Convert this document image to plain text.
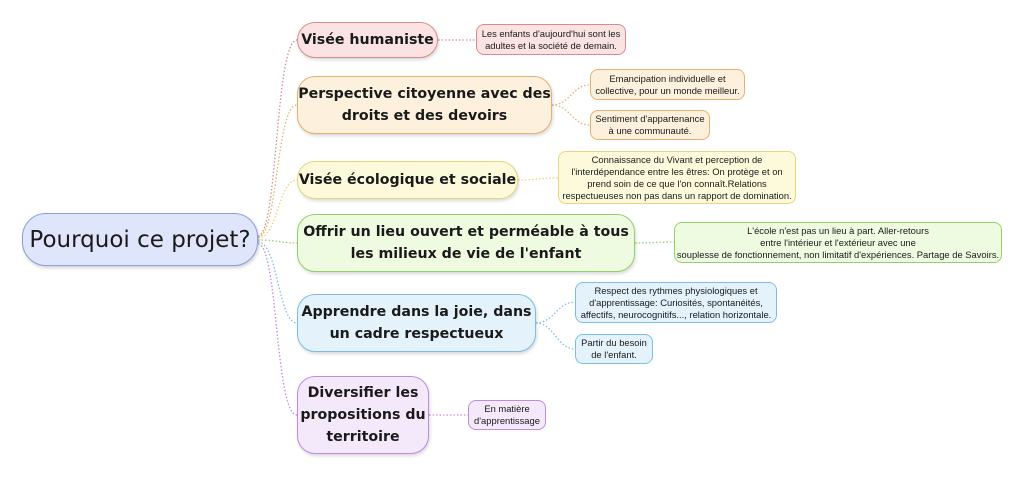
Pourquoi ce projet?
Visée humaniste
Perspective citoyenne avec des
droits et des devoirs
Visée écologique et sociale
Offrir un lieu ouvert et perméable à tous
les milieux de vie de l'enfant
Apprendre dans la joie, dans
un cadre respectueux
Diversifier les
propositions du
territoire
Les enfants d'aujourd'hui sont les
adultes et la société de demain.
Emancipation individuelle et
collective, pour un monde meilleur.
Sentiment d'appartenance
à une communauté.
Connaissance du Vivant et perception de
l'interdépendance entre les êtres: On protège et on
prend soin de ce que l'on connaît.Relations
respectueuses non pas dans un rapport de domination.
L'école n'est pas un lieu à part. Aller-retours
entre l'intérieur et l'extérieur avec une
souplesse de fonctionnement, non limitatif d'expériences. Partage de Savoirs.
Respect des rythmes physiologiques et
d'apprentissage: Curiosités, spontanéités,
affectifs, neurocognitifs..., relation horizontale.
Partir du besoin
de l'enfant.
En matière
d'apprentissage
